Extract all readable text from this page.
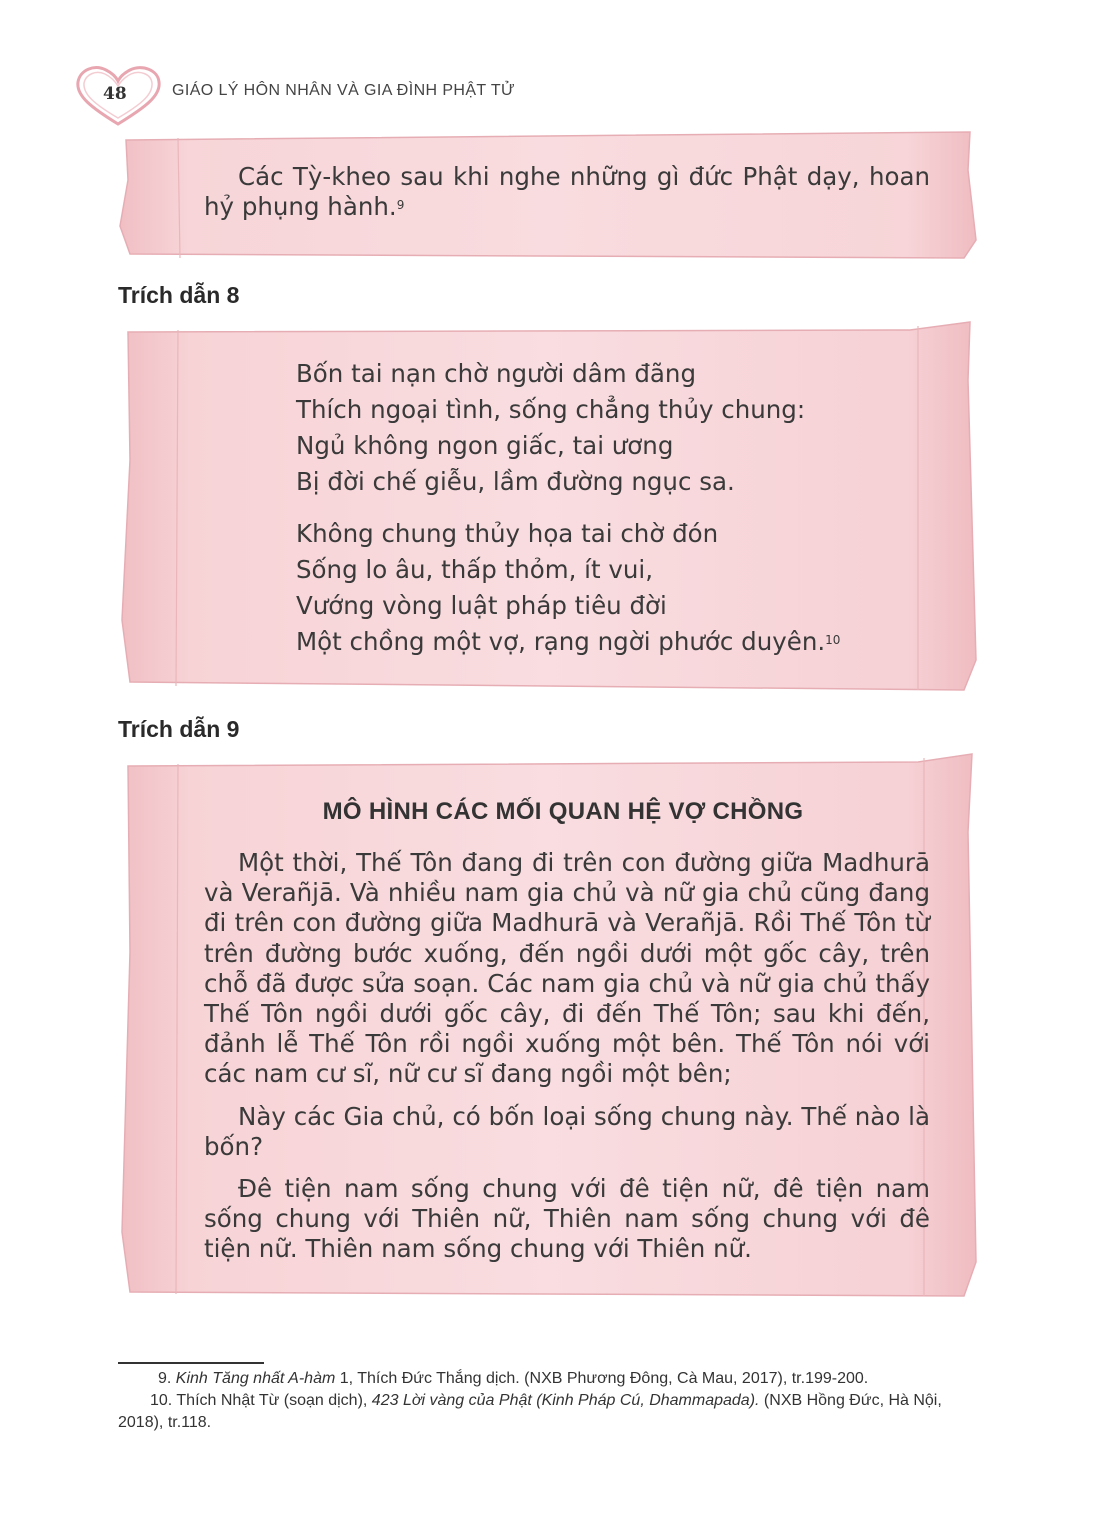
48	GIÁO LÝ HÔN NHÂN VÀ GIA ĐÌNH PHẬT TỬ

Các Tỳ-kheo sau khi nghe những gì đức Phật dạy, hoan hỷ phụng hành.$^9$

Trích dẫn 8
Bốn tai nạn chờ người dâm đãng
Thích ngoại tình, sống chẳng thủy chung:
Ngủ không ngon giấc, tai ương
Bị đời chế giễu, lầm đường ngục sa.
Không chung thủy họa tai chờ đón
Sống lo âu, thấp thỏm, ít vui,
Vướng vòng luật pháp tiêu đời
Một chồng một vợ, rạng ngời phước duyên.$^{10}$
Trích dẫn 9
MÔ HÌNH CÁC MỐI QUAN HỆ VỢ CHỒNG

Một thời, Thế Tôn đang đi trên con đường giữa Madhurā và Verañjā. Và nhiều nam gia chủ và nữ gia chủ cũng đang đi trên con đường giữa Madhurā và Verañjā. Rồi Thế Tôn từ trên đường bước xuống, đến ngồi dưới một gốc cây, trên chỗ đã được sửa soạn. Các nam gia chủ và nữ gia chủ thấy Thế Tôn ngồi dưới gốc cây, đi đến Thế Tôn; sau khi đến, đảnh lễ Thế Tôn rồi ngồi xuống một bên. Thế Tôn nói với các nam cư sĩ, nữ cư sĩ đang ngồi một bên;

Này các Gia chủ, có bốn loại sống chung này. Thế nào là bốn?

Đê tiện nam sống chung với đê tiện nữ, đê tiện nam sống chung với Thiên nữ, Thiên nam sống chung với đê tiện nữ. Thiên nam sống chung với Thiên nữ.

9. Kinh Tăng nhất A-hàm 1, Thích Đức Thắng dịch. (NXB Phương Đông, Cà Mau, 2017), tr.199-200.
10. Thích Nhật Từ (soạn dịch), 423 Lời vàng của Phật (Kinh Pháp Cú, Dhammapada). (NXB Hồng Đức, Hà Nội, 2018), tr.118.
